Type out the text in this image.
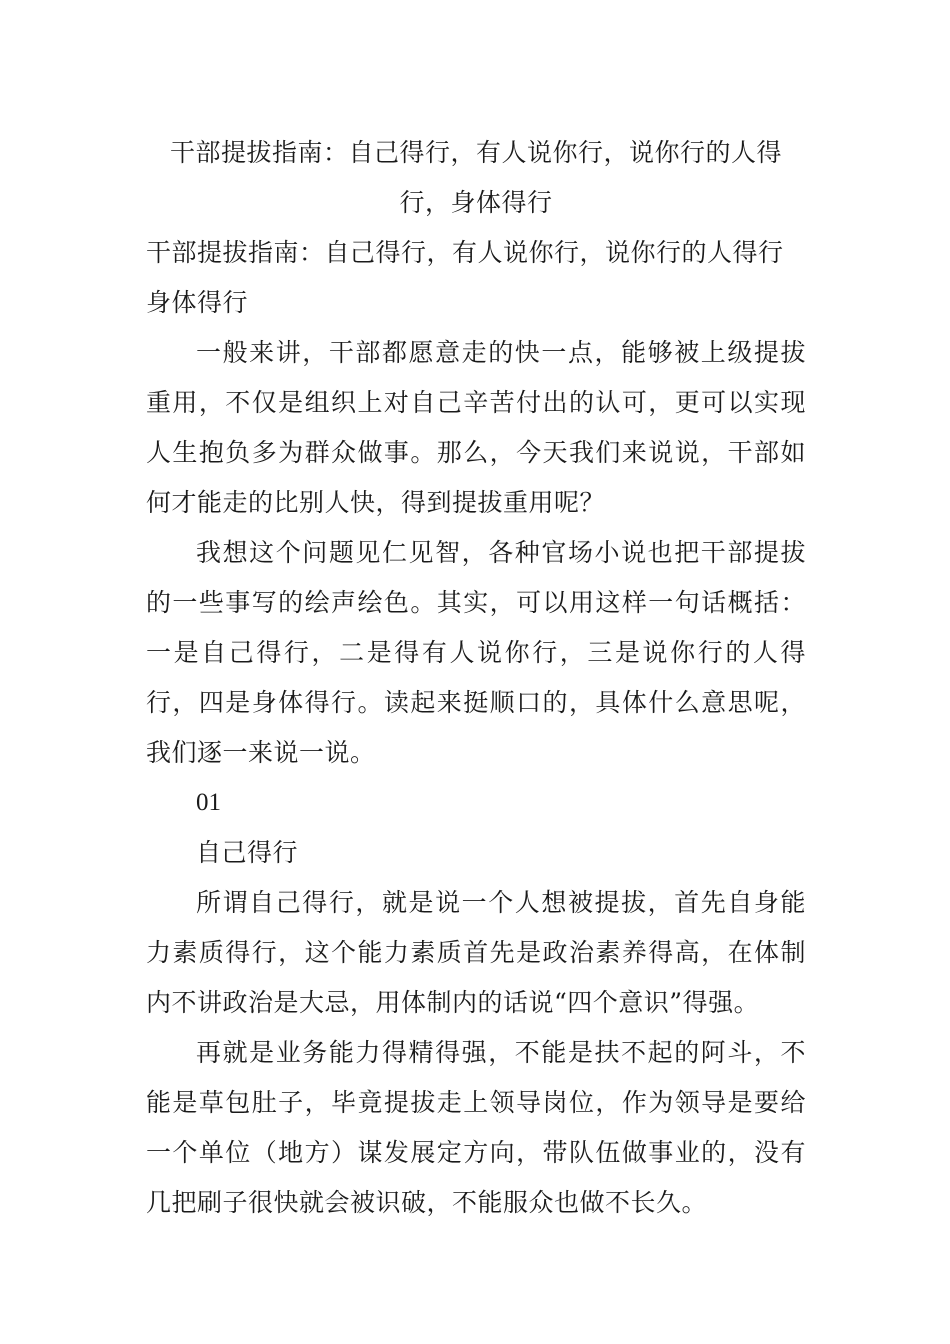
干部提拔指南：自己得行，有人说你行，说你行的人得行，身体得行

干部提拔指南：自己得行，有人说你行，说你行的人得行身体得行

一般来讲，干部都愿意走的快一点，能够被上级提拔重用，不仅是组织上对自己辛苦付出的认可，更可以实现人生抱负多为群众做事。那么，今天我们来说说，干部如何才能走的比别人快，得到提拔重用呢？

我想这个问题见仁见智，各种官场小说也把干部提拔的一些事写的绘声绘色。其实，可以用这样一句话概括：一是自己得行，二是得有人说你行，三是说你行的人得行，四是身体得行。读起来挺顺口的，具体什么意思呢，我们逐一来说一说。

01

自己得行

所谓自己得行，就是说一个人想被提拔，首先自身能力素质得行，这个能力素质首先是政治素养得高，在体制内不讲政治是大忌，用体制内的话说“四个意识”得强。

再就是业务能力得精得强，不能是扶不起的阿斗，不能是草包肚子，毕竟提拔走上领导岗位，作为领导是要给一个单位（地方）谋发展定方向，带队伍做事业的，没有几把刷子很快就会被识破，不能服众也做不长久。
